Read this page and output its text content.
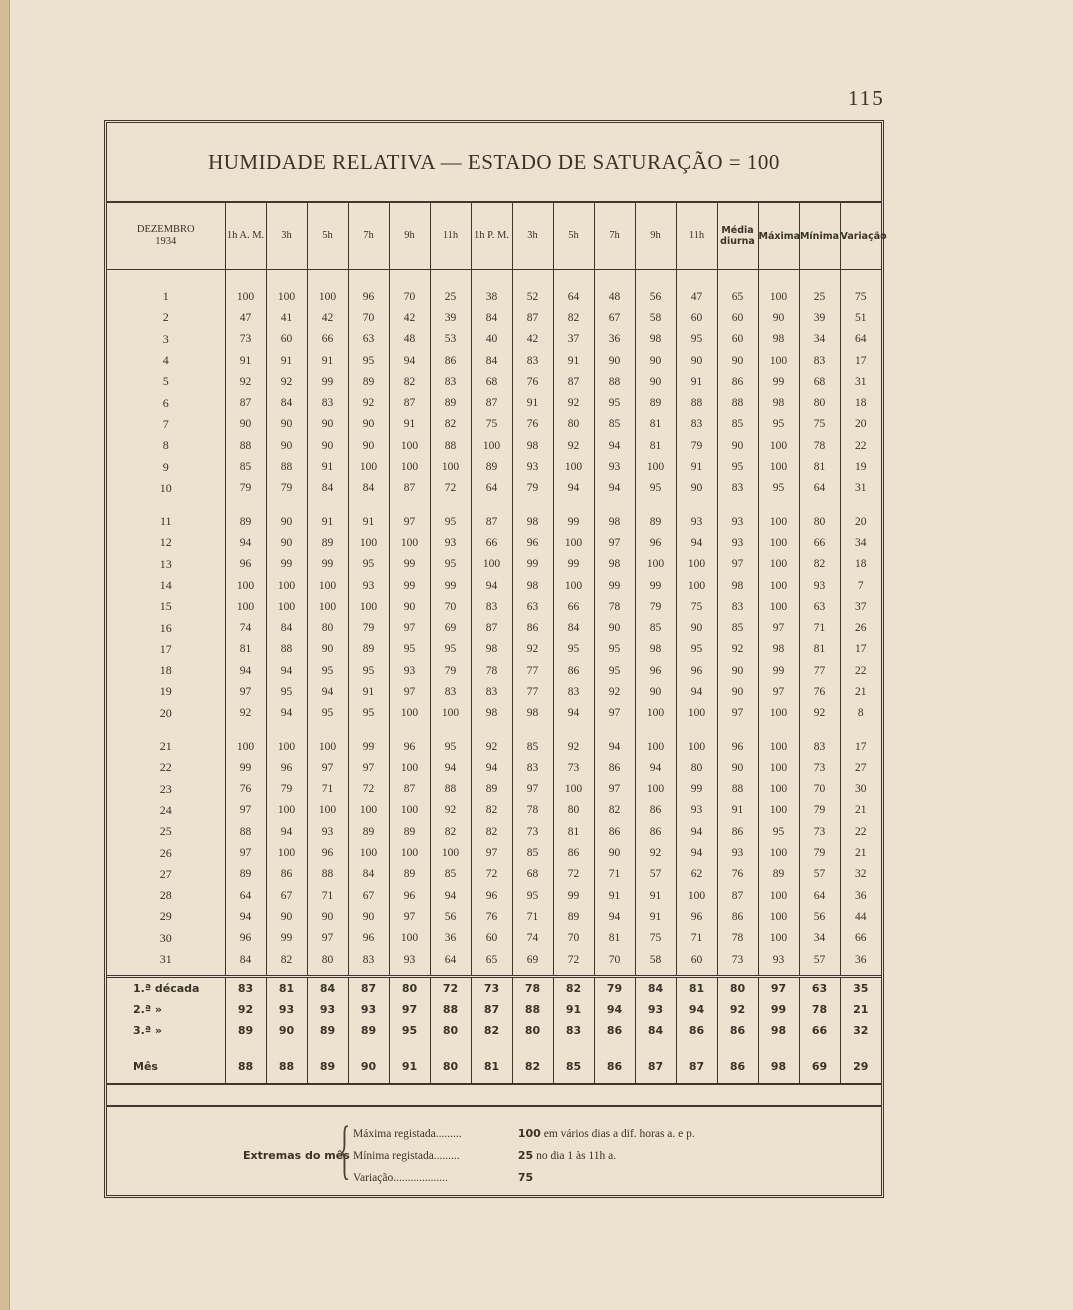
115
HUMIDADE RELATIVA — ESTADO DE SATURAÇÃO = 100
DEZEMBRO
1934	1h A. M.	3h	5h	7h	9h	11h	1h P. M.	3h	5h	7h	9h	11h	Média diurna	Máxima	Mínima	Variação

1	100	100	100	96	70	25	38	52	64	48	56	47	65	100	25	75
2	47	41	42	70	42	39	84	87	82	67	58	60	60	90	39	51
3	73	60	66	63	48	53	40	42	37	36	98	95	60	98	34	64
4	91	91	91	95	94	86	84	83	91	90	90	90	90	100	83	17
5	92	92	99	89	82	83	68	76	87	88	90	91	86	99	68	31
6	87	84	83	92	87	89	87	91	92	95	89	88	88	98	80	18
7	90	90	90	90	91	82	75	76	80	85	81	83	85	95	75	20
8	88	90	90	90	100	88	100	98	92	94	81	79	90	100	78	22
9	85	88	91	100	100	100	89	93	100	93	100	91	95	100	81	19
10	79	79	84	84	87	72	64	79	94	94	95	90	83	95	64	31

11	89	90	91	91	97	95	87	98	99	98	89	93	93	100	80	20
12	94	90	89	100	100	93	66	96	100	97	96	94	93	100	66	34
13	96	99	99	95	99	95	100	99	99	98	100	100	97	100	82	18
14	100	100	100	93	99	99	94	98	100	99	99	100	98	100	93	7
15	100	100	100	100	90	70	83	63	66	78	79	75	83	100	63	37
16	74	84	80	79	97	69	87	86	84	90	85	90	85	97	71	26
17	81	88	90	89	95	95	98	92	95	95	98	95	92	98	81	17
18	94	94	95	95	93	79	78	77	86	95	96	96	90	99	77	22
19	97	95	94	91	97	83	83	77	83	92	90	94	90	97	76	21
20	92	94	95	95	100	100	98	98	94	97	100	100	97	100	92	8

21	100	100	100	99	96	95	92	85	92	94	100	100	96	100	83	17
22	99	96	97	97	100	94	94	83	73	86	94	80	90	100	73	27
23	76	79	71	72	87	88	89	97	100	97	100	99	88	100	70	30
24	97	100	100	100	100	92	82	78	80	82	86	93	91	100	79	21
25	88	94	93	89	89	82	82	73	81	86	86	94	86	95	73	22
26	97	100	96	100	100	100	97	85	86	90	92	94	93	100	79	21
27	89	86	88	84	89	85	72	68	72	71	57	62	76	89	57	32
28	64	67	71	67	96	94	96	95	99	91	91	100	87	100	64	36
29	94	90	90	90	97	56	76	71	89	94	91	96	86	100	56	44
30	96	99	97	96	100	36	60	74	70	81	75	71	78	100	34	66
31	84	82	80	83	93	64	65	69	72	70	58	60	73	93	57	36

1.ª década	83	81	84	87	80	72	73	78	82	79	84	81	80	97	63	35
2.ª »	92	93	93	93	97	88	87	88	91	94	93	94	92	99	78	21
3.ª »	89	90	89	89	95	80	82	80	83	86	84	86	86	98	66	32

Mês	88	88	89	90	91	80	81	82	85	86	87	87	86	98	69	29

Extremas do mês
{ Máxima registada.........	100 em vários dias a dif. horas a. e p.
Mínima registada.........	25 no dia 1 às 11h a.
Variação...................	75
